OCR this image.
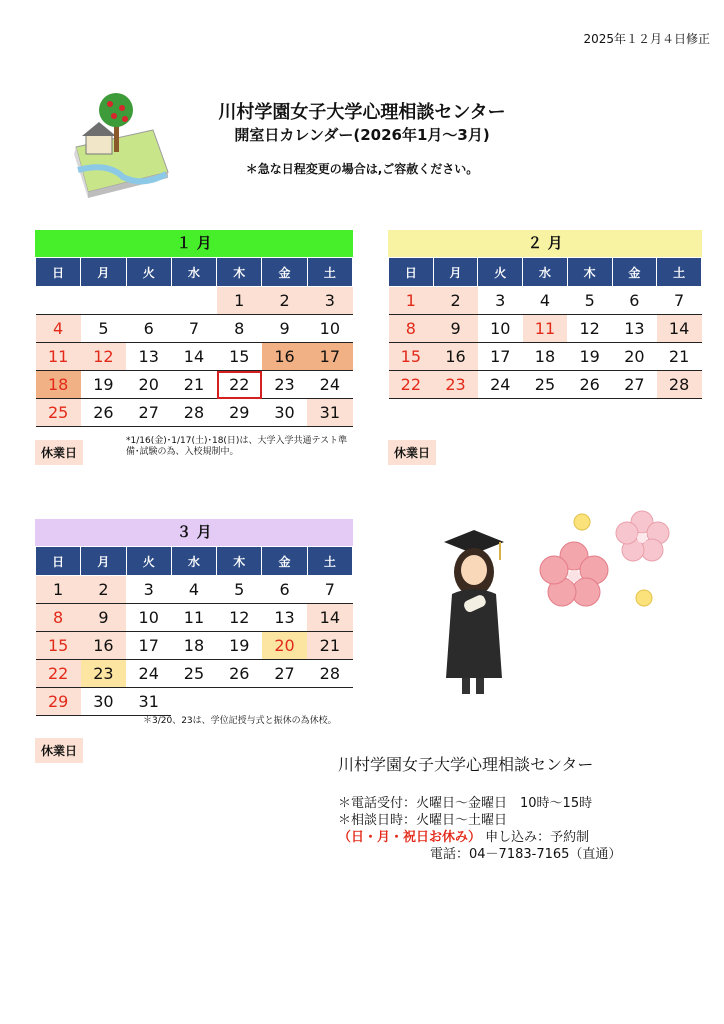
2025年１２月４日修正
川村学園女子大学心理相談センター
開室日カレンダー(2026年1月～3月)
＊急な日程変更の場合は,ご容赦ください。
１ 月
日	月	火	水	木	金	土
				1	2	3
4	5	6	7	8	9	10
11	12	13	14	15	16	17
18	19	20	21	22	23	24
25	26	27	28	29	30	31
休業日
*1/16(金)･1/17(土)･18(日)は、大学入学共通テスト準備･試験の為、入校規制中。
２ 月
日	月	火	水	木	金	土
1	2	3	4	5	6	7
8	9	10	11	12	13	14
15	16	17	18	19	20	21
22	23	24	25	26	27	28
休業日
３ 月
日	月	火	水	木	金	土
1	2	3	4	5	6	7
8	9	10	11	12	13	14
15	16	17	18	19	20	21
22	23	24	25	26	27	28
29	30	31				
＊3/20、23は、学位記授与式と振休の為休校。
休業日
川村学園女子大学心理相談センター
＊電話受付：火曜日～金曜日　10時～15時
＊相談日時：火曜日～土曜日
（日・月・祝日お休み） 申し込み：予約制
電話：04－7183-7165（直通）
